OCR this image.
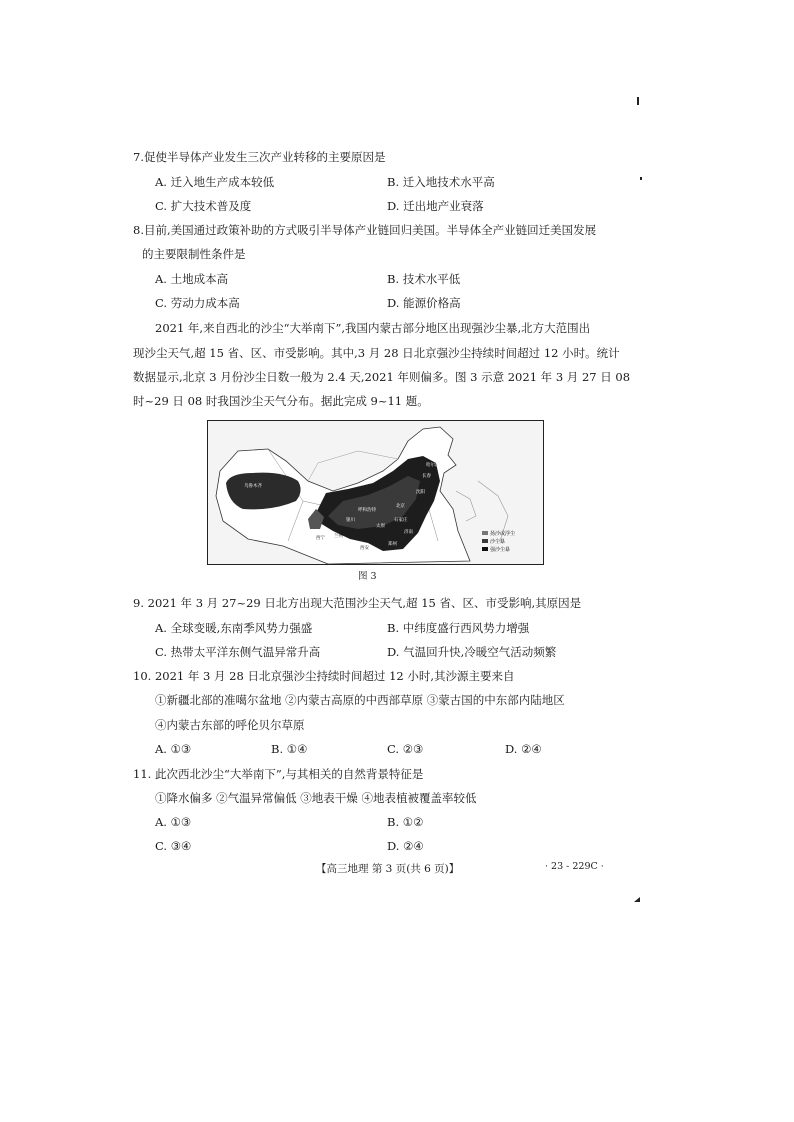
7.促使半导体产业发生三次产业转移的主要原因是
A. 迁入地生产成本较低	B. 迁入地技术水平高
C. 扩大技术普及度	D. 迁出地产业衰落
8.目前,美国通过政策补助的方式吸引半导体产业链回归美国。半导体全产业链回迁美国发展
的主要限制性条件是
A. 土地成本高	B. 技术水平低
C. 劳动力成本高	D. 能源价格高
2021 年,来自西北的沙尘“大举南下”,我国内蒙古部分地区出现强沙尘暴,北方大范围出
现沙尘天气,超 15 省、区、市受影响。其中,3 月 28 日北京强沙尘持续时间超过 12 小时。统计
数据显示,北京 3 月份沙尘日数一般为 2.4 天,2021 年则偏多。图 3 示意 2021 年 3 月 27 日 08
时~29 日 08 时我国沙尘天气分布。据此完成 9~11 题。
乌鲁木齐
哈尔滨
长春
沈阳
呼和浩特
北京
银川
太原
石家庄
济南
西宁 兰州
西安
郑州
扬沙或浮尘
沙尘暴
强沙尘暴
图 3
9. 2021 年 3 月 27~29 日北方出现大范围沙尘天气,超 15 省、区、市受影响,其原因是
A. 全球变暖,东南季风势力强盛	B. 中纬度盛行西风势力增强
C. 热带太平洋东侧气温异常升高	D. 气温回升快,冷暖空气活动频繁
10. 2021 年 3 月 28 日北京强沙尘持续时间超过 12 小时,其沙源主要来自
①新疆北部的准噶尔盆地 ②内蒙古高原的中西部草原 ③蒙古国的中东部内陆地区
④内蒙古东部的呼伦贝尔草原
A. ①③	B. ①④	C. ②③	D. ②④
11. 此次西北沙尘“大举南下”,与其相关的自然背景特征是
①降水偏多 ②气温异常偏低 ③地表干燥 ④地表植被覆盖率较低
A. ①③	B. ①②
C. ③④	D. ②④
【高三地理 第 3 页(共 6 页)】	· 23 - 229C ·
